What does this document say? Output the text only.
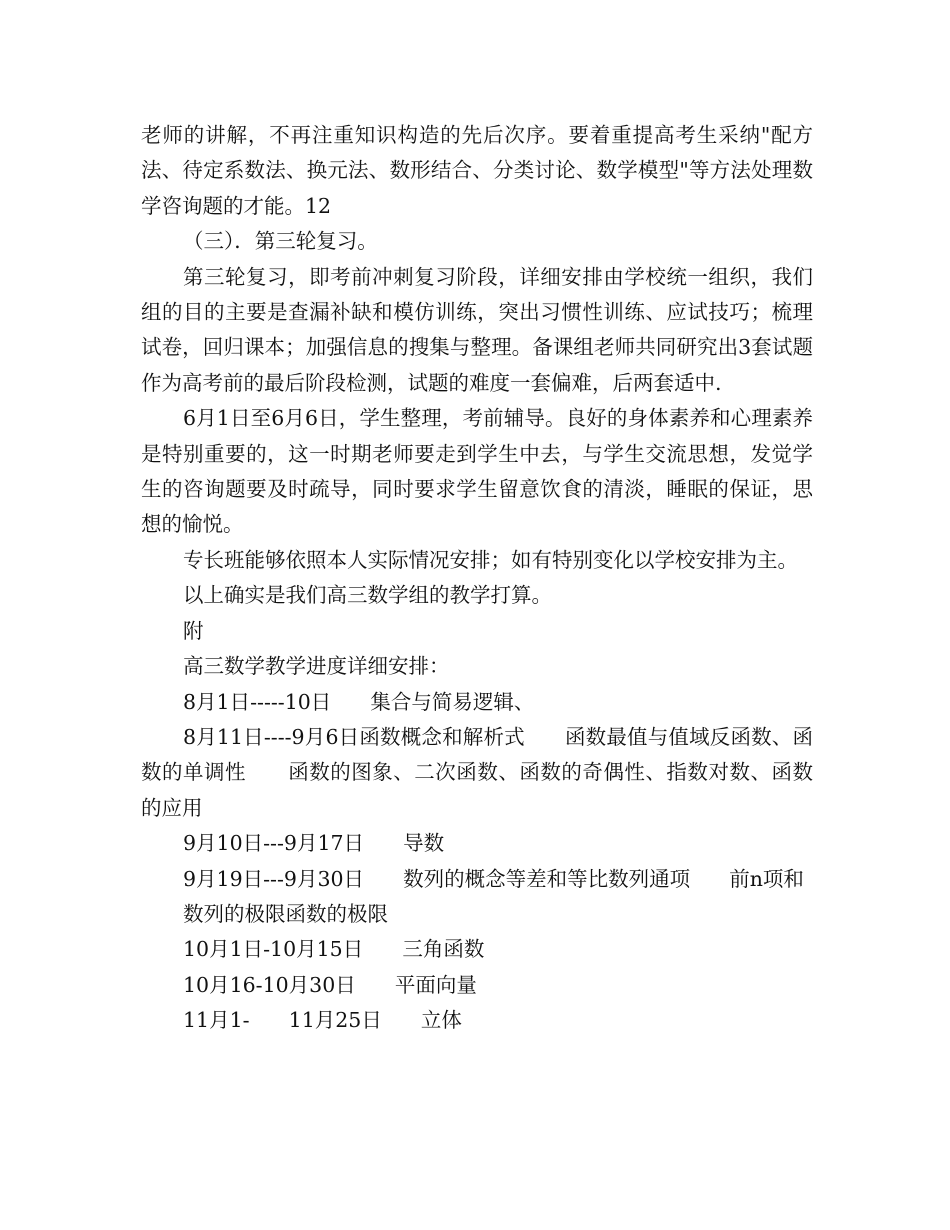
老师的讲解，不再注重知识构造的先后次序。要着重提高考生采纳"配方法、待定系数法、换元法、数形结合、分类讨论、数学模型"等方法处理数学咨询题的才能。12

（三）．第三轮复习。

第三轮复习，即考前冲刺复习阶段，详细安排由学校统一组织，我们组的目的主要是查漏补缺和模仿训练，突出习惯性训练、应试技巧；梳理试卷，回归课本；加强信息的搜集与整理。备课组老师共同研究出3套试题作为高考前的最后阶段检测，试题的难度一套偏难，后两套适中.

6月1日至6月6日，学生整理，考前辅导。良好的身体素养和心理素养是特别重要的，这一时期老师要走到学生中去，与学生交流思想，发觉学生的咨询题要及时疏导，同时要求学生留意饮食的清淡，睡眠的保证，思想的愉悦。

专长班能够依照本人实际情况安排；如有特别变化以学校安排为主。

以上确实是我们高三数学组的教学打算。

附

高三数学教学进度详细安排：

8月1日-----10日      集合与简易逻辑、

8月11日----9月6日函数概念和解析式      函数最值与值域反函数、函数的单调性      函数的图象、二次函数、函数的奇偶性、指数对数、函数的应用

9月10日---9月17日      导数

9月19日---9月30日      数列的概念等差和等比数列通项      前n项和

数列的极限函数的极限

10月1日-10月15日      三角函数

10月16-10月30日      平面向量

11月1-      11月25日      立体
